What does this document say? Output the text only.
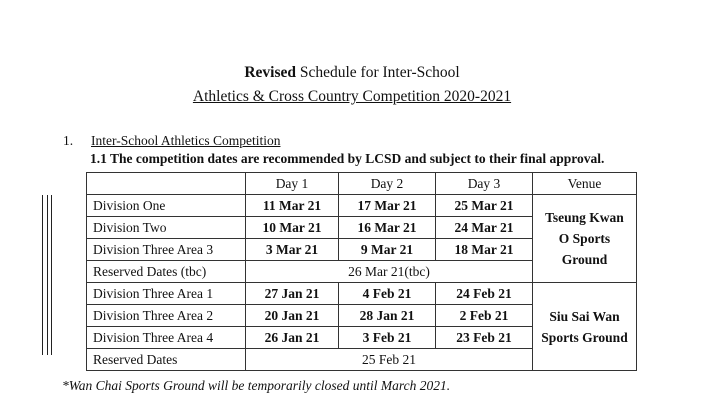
Revised Schedule for Inter-School
Athletics & Cross Country Competition 2020-2021
1. Inter-School Athletics Competition
1.1 The competition dates are recommended by LCSD and subject to their final approval.
	Day 1	Day 2	Day 3	Venue
Division One	11 Mar 21	17 Mar 21	25 Mar 21	Tseung Kwan
O Sports
Ground

Division Two	10 Mar 21	16 Mar 21	24 Mar 21	
Division Three Area 3	3 Mar 21	9 Mar 21	18 Mar 21	
Reserved Dates (tbc)	26 Mar 21(tbc)			
Division Three Area 1	27 Jan 21	4 Feb 21	24 Feb 21	Siu Sai Wan
Sports Ground

Division Three Area 2	20 Jan 21	28 Jan 21	2 Feb 21	
Division Three Area 4	26 Jan 21	3 Feb 21	23 Feb 21	
Reserved Dates	25 Feb 21			
*Wan Chai Sports Ground will be temporarily closed until March 2021.
